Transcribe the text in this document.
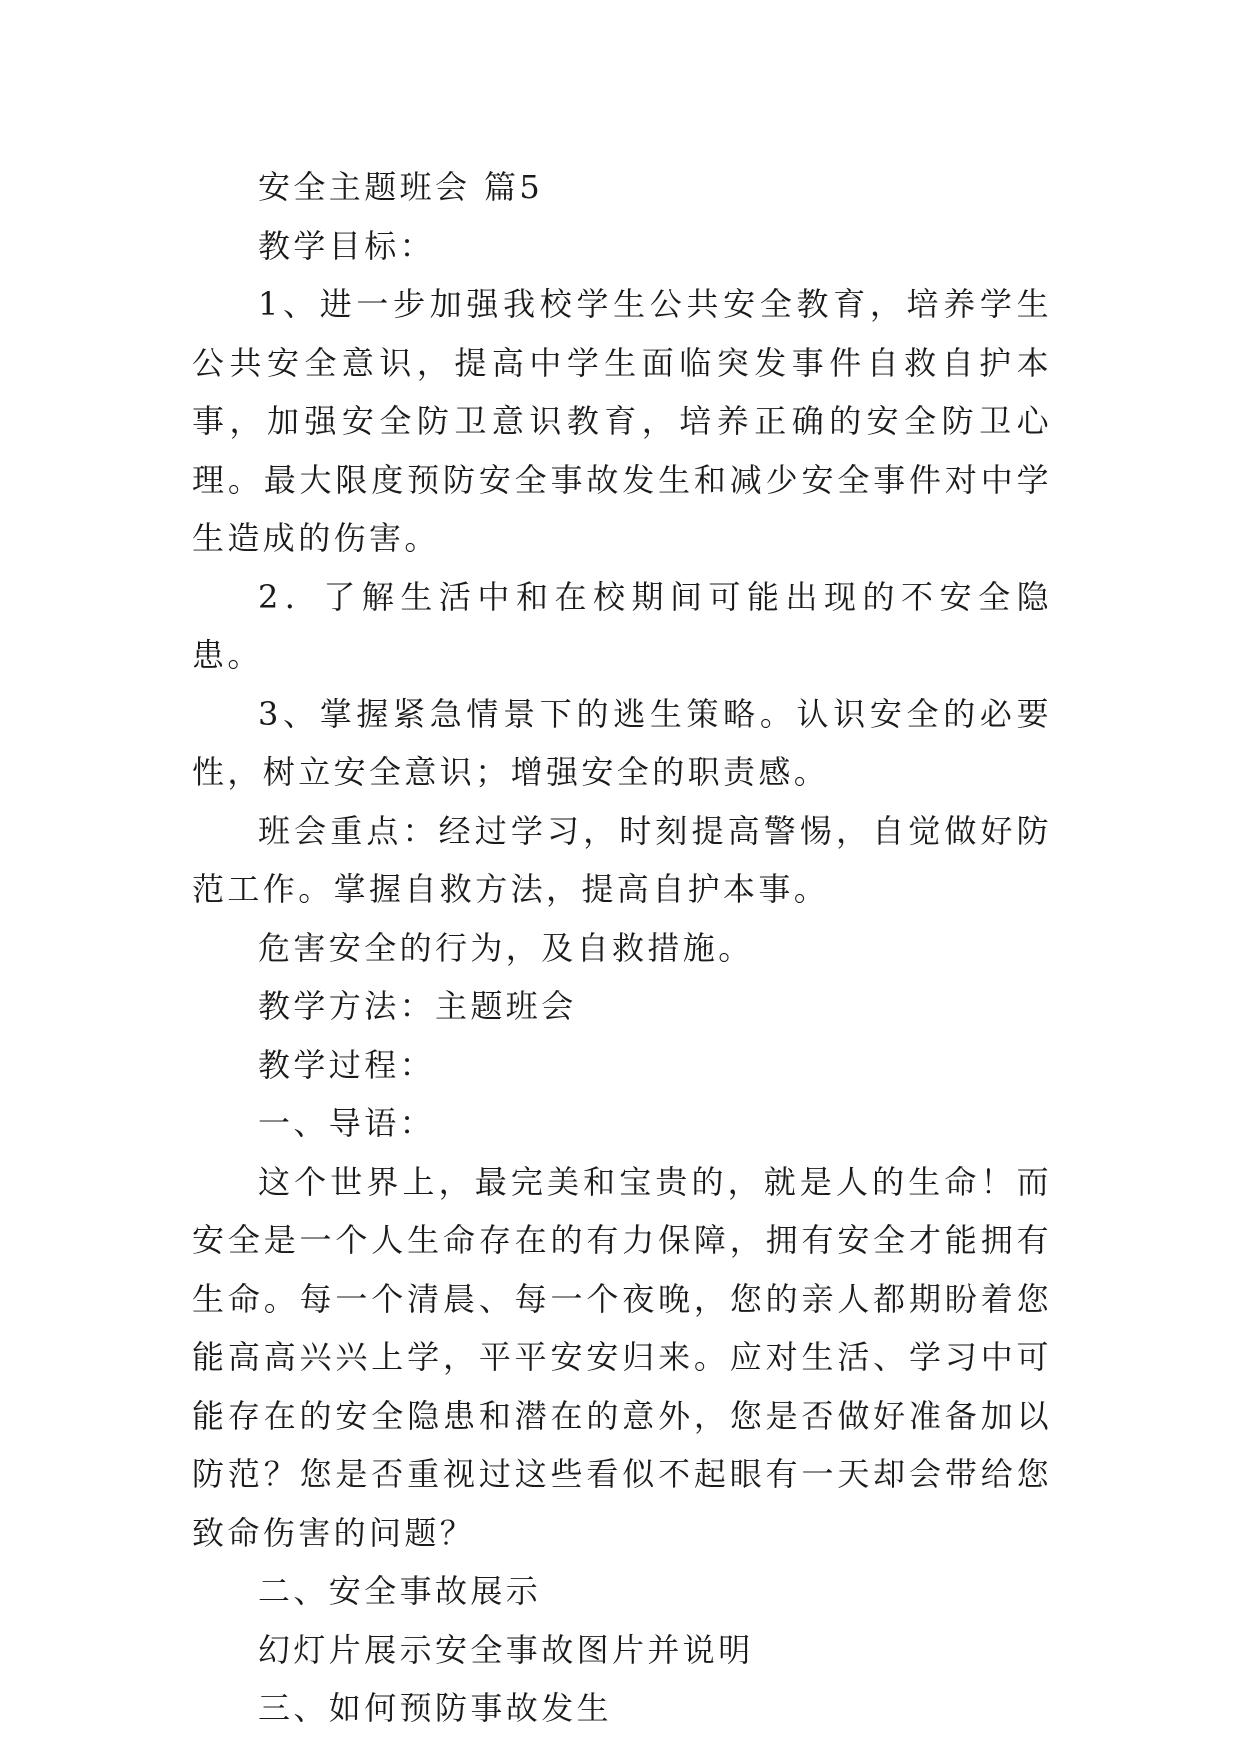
安全主题班会 篇5

教学目标：

1、进一步加强我校学生公共安全教育，培养学生公共安全意识，提高中学生面临突发事件自救自护本事，加强安全防卫意识教育，培养正确的安全防卫心理。最大限度预防安全事故发生和减少安全事件对中学生造成的伤害。

2．了解生活中和在校期间可能出现的不安全隐患。

3、掌握紧急情景下的逃生策略。认识安全的必要性，树立安全意识；增强安全的职责感。

班会重点：经过学习，时刻提高警惕，自觉做好防范工作。掌握自救方法，提高自护本事。

危害安全的行为，及自救措施。

教学方法：主题班会

教学过程：

一、导语：

这个世界上，最完美和宝贵的，就是人的生命！而安全是一个人生命存在的有力保障，拥有安全才能拥有生命。每一个清晨、每一个夜晚，您的亲人都期盼着您能高高兴兴上学，平平安安归来。应对生活、学习中可能存在的安全隐患和潜在的意外，您是否做好准备加以防范？您是否重视过这些看似不起眼有一天却会带给您致命伤害的问题？

二、安全事故展示

幻灯片展示安全事故图片并说明

三、如何预防事故发生
